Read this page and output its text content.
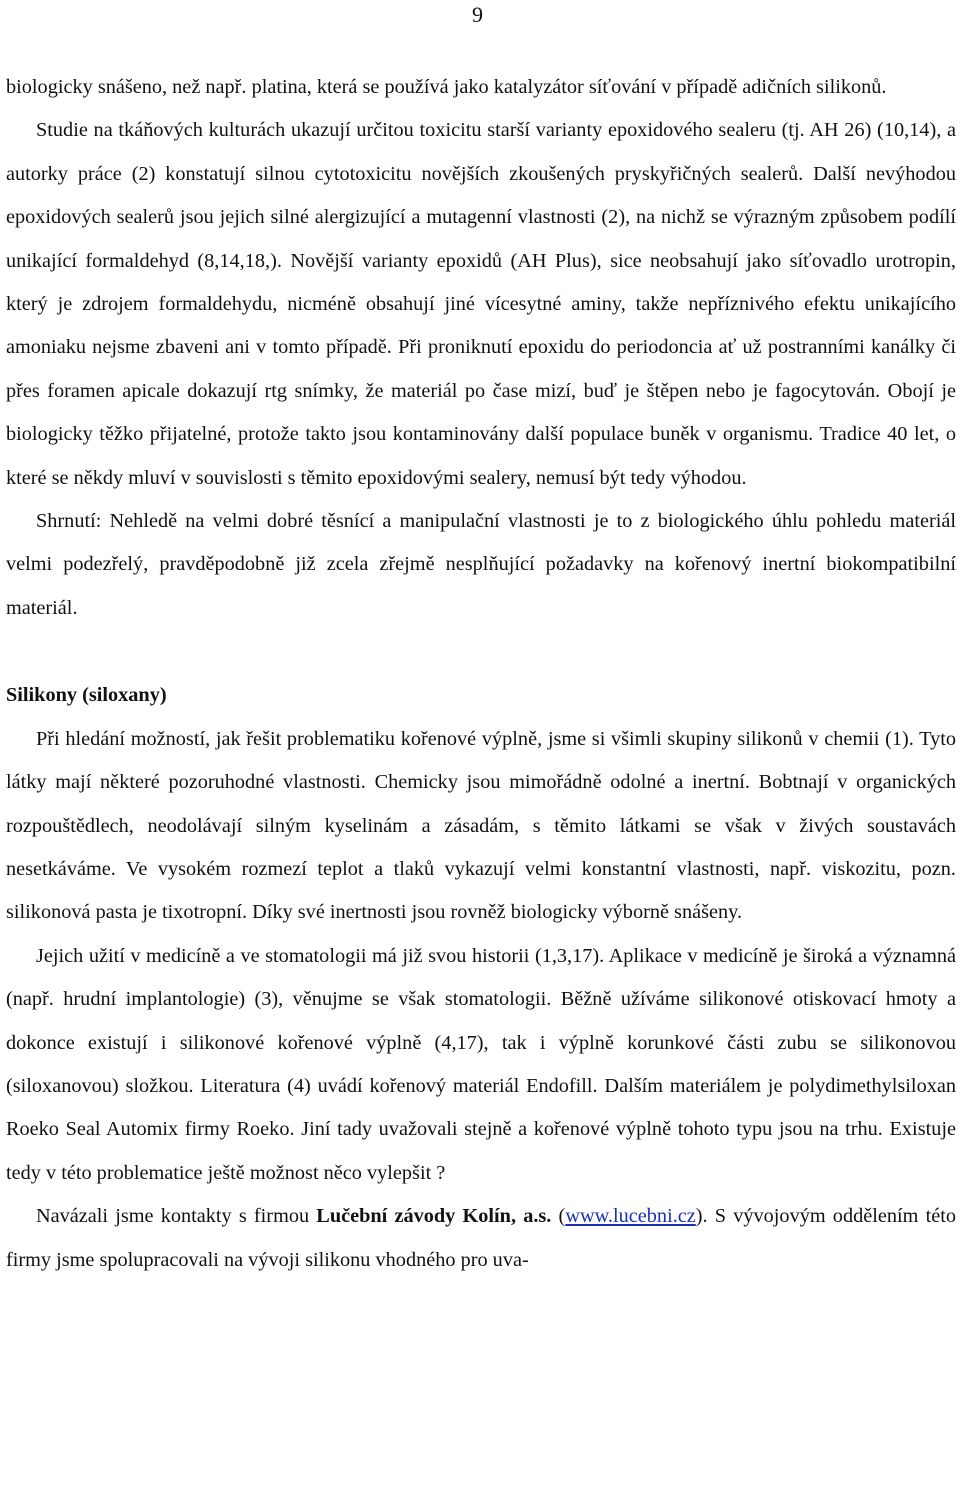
9

biologicky snášeno, než např. platina, která se používá jako katalyzátor síťování v případě adičních silikonů.

Studie na tkáňových kulturách ukazují určitou toxicitu starší varianty epoxidového sealeru (tj. AH 26) (10,14), a autorky práce (2) konstatují silnou cytotoxicitu novějších zkoušených pryskyřičných sealerů. Další nevýhodou epoxidových sealerů jsou jejich silné alergizující a mutagenní vlastnosti (2), na nichž se výrazným způsobem podílí unikající formaldehyd (8,14,18,). Novější varianty epoxidů (AH Plus), sice neobsahují jako síťovadlo urotropin, který je zdrojem formaldehydu, nicméně obsahují jiné vícesytné aminy, takže nepříznivého efektu unikajícího amoniaku nejsme zbaveni ani v tomto případě. Při proniknutí epoxidu do periodoncia ať už postranními kanálky či přes foramen apicale dokazují rtg snímky, že materiál po čase mizí, buď je štěpen nebo je fagocytován. Obojí je biologicky těžko přijatelné, protože takto jsou kontaminovány další populace buněk v organismu. Tradice 40 let, o které se někdy mluví v souvislosti s těmito epoxidovými sealery, nemusí být tedy výhodou.

Shrnutí: Nehledě na velmi dobré těsnící a manipulační vlastnosti je to z biologického úhlu pohledu materiál velmi podezřelý, pravděpodobně již zcela zřejmě nesplňující požadavky na kořenový inertní biokompatibilní materiál.

Silikony (siloxany)

Při hledání možností, jak řešit problematiku kořenové výplně, jsme si všimli skupiny silikonů v chemii (1). Tyto látky mají některé pozoruhodné vlastnosti. Chemicky jsou mimořádně odolné a inertní. Bobtnají v organických rozpouštědlech, neodolávají silným kyselinám a zásadám, s těmito látkami se však v živých soustavách nesetkáváme. Ve vysokém rozmezí teplot a tlaků vykazují velmi konstantní vlastnosti, např. viskozitu, pozn. silikonová pasta je tixotropní. Díky své inertnosti jsou rovněž biologicky výborně snášeny.

Jejich užití v medicíně a ve stomatologii má již svou historii (1,3,17). Aplikace v medicíně je široká a významná (např. hrudní implantologie) (3), věnujme se však stomatologii. Běžně užíváme silikonové otiskovací hmoty a dokonce existují i silikonové kořenové výplně (4,17), tak i výplně korunkové části zubu se silikonovou (siloxanovou) složkou. Literatura (4) uvádí kořenový materiál Endofill. Dalším materiálem je polydimethylsiloxan Roeko Seal Automix firmy Roeko. Jiní tady uvažovali stejně a kořenové výplně tohoto typu jsou na trhu. Existuje tedy v této problematice ještě možnost něco vylepšit ?

Navázali jsme kontakty s firmou Lučební závody Kolín, a.s. (www.lucebni.cz). S vývojovým oddělením této firmy jsme spolupracovali na vývoji silikonu vhodného pro uva-
